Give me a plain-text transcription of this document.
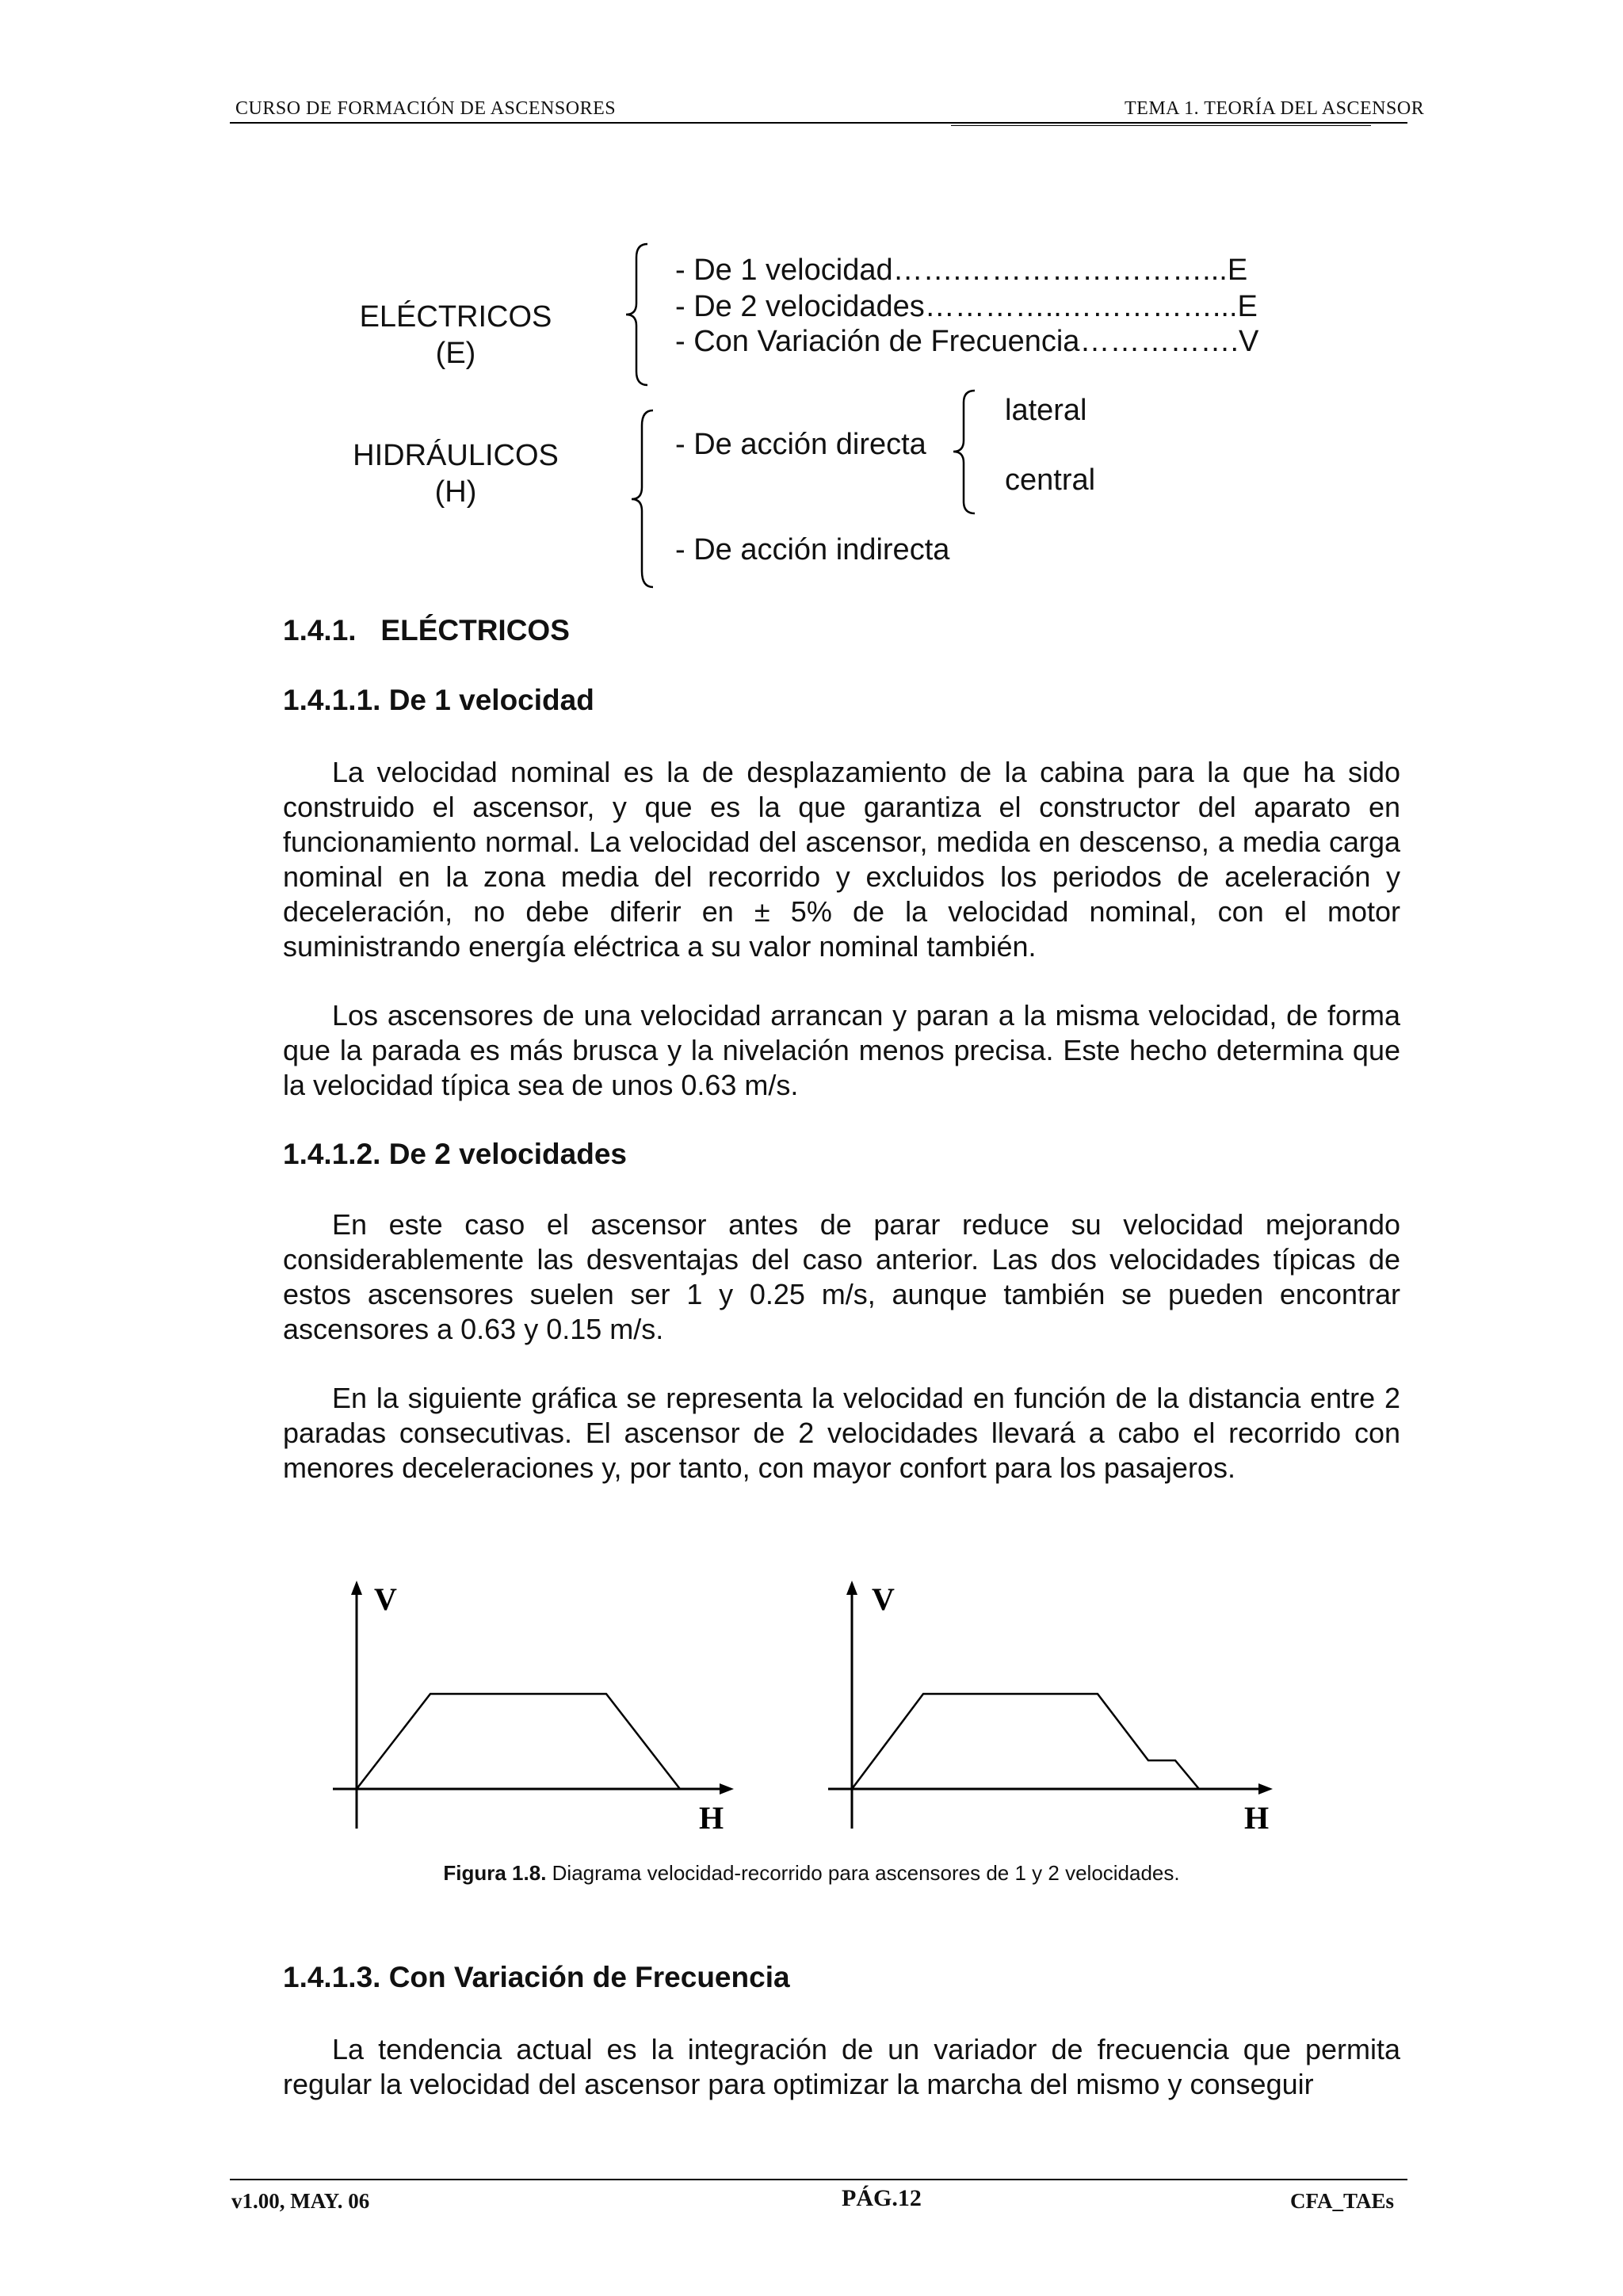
CURSO DE FORMACIÓN DE ASCENSORES	TEMA 1. TEORÍA DEL ASCENSOR
ELÉCTRICOS
(E)
- De 1 velocidad…….……………………...E
- De 2 velocidades…………..……………...E
- Con Variación de Frecuencia…………….V
HIDRÁULICOS
(H)
- De acción directa
lateral
central
- De acción indirecta
1.4.1.   ELÉCTRICOS
1.4.1.1. De 1 velocidad

La velocidad nominal es la de desplazamiento de la cabina para la que ha sido construido el ascensor, y que es la que garantiza el constructor del aparato en funcionamiento normal. La velocidad del ascensor, medida en descenso, a media carga nominal en la zona media del recorrido y excluidos los periodos de aceleración y deceleración, no debe diferir en ± 5% de la velocidad nominal, con el motor suministrando energía eléctrica a su valor nominal también.

Los ascensores de una velocidad arrancan y paran a la misma velocidad, de forma que la parada es más brusca y la nivelación menos precisa. Este hecho determina que la velocidad típica sea de unos 0.63 m/s.

1.4.1.2. De 2 velocidades

En este caso el ascensor antes de parar reduce su velocidad mejorando considerablemente las desventajas del caso anterior. Las dos velocidades típicas de estos ascensores suelen ser 1 y 0.25 m/s, aunque también se pueden encontrar ascensores a 0.63 y 0.15 m/s.

En la siguiente gráfica se representa la velocidad en función de la distancia entre 2 paradas consecutivas. El ascensor de 2 velocidades llevará a cabo el recorrido con menores deceleraciones y, por tanto, con mayor confort para los pasajeros.

V
H
V
H
Figura 1.8. Diagrama velocidad-recorrido para ascensores de 1 y 2 velocidades.
1.4.1.3. Con Variación de Frecuencia

La tendencia actual es la integración de un variador de frecuencia que permita regular la velocidad del ascensor para optimizar la marcha del mismo y conseguir

v1.00, MAY. 06	PÁG.12	CFA_TAEs
